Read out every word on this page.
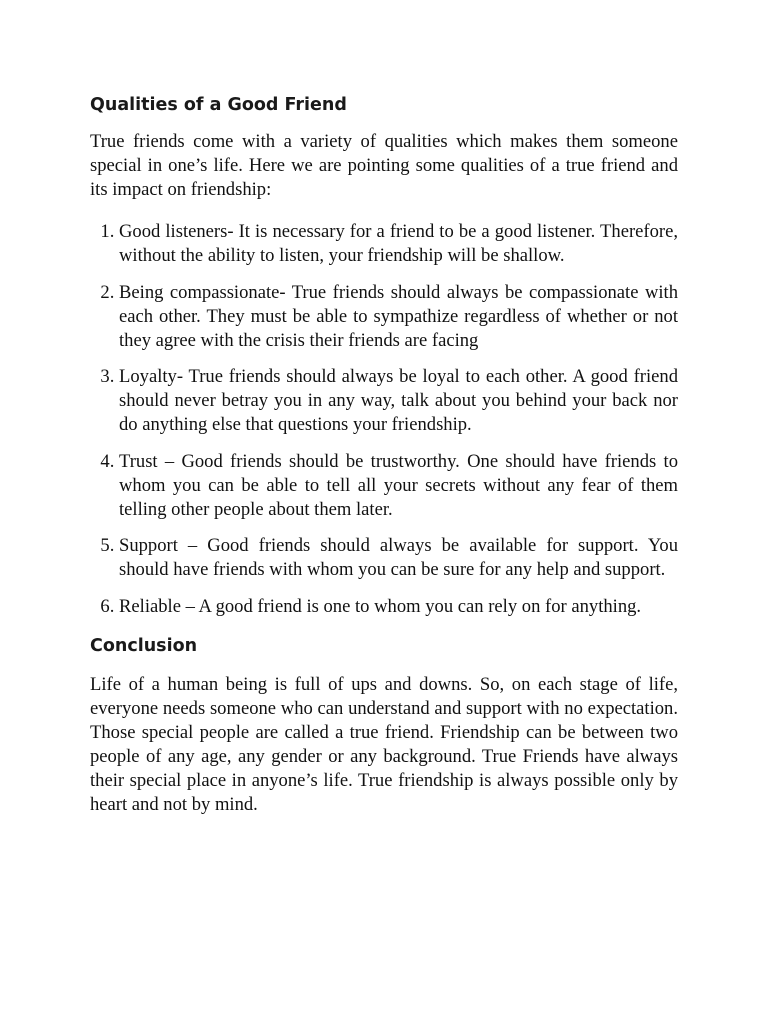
Qualities of a Good Friend

True friends come with a variety of qualities which makes them someone special in one’s life. Here we are pointing some qualities of a true friend and its impact on friendship:

1. Good listeners- It is necessary for a friend to be a good listener. Therefore, without the ability to listen, your friendship will be shallow.
2. Being compassionate- True friends should always be compassionate with each other. They must be able to sympathize regardless of whether or not they agree with the crisis their friends are facing
3. Loyalty- True friends should always be loyal to each other. A good friend should never betray you in any way, talk about you behind your back nor do anything else that questions your friendship.
4. Trust – Good friends should be trustworthy. One should have friends to whom you can be able to tell all your secrets without any fear of them telling other people about them later.
5. Support – Good friends should always be available for support. You should have friends with whom you can be sure for any help and support.
6. Reliable – A good friend is one to whom you can rely on for anything.
Conclusion

Life of a human being is full of ups and downs. So, on each stage of life, everyone needs someone who can understand and support with no expectation. Those special people are called a true friend. Friendship can be between two people of any age, any gender or any background. True Friends have always their special place in anyone’s life. True friendship is always possible only by heart and not by mind.
